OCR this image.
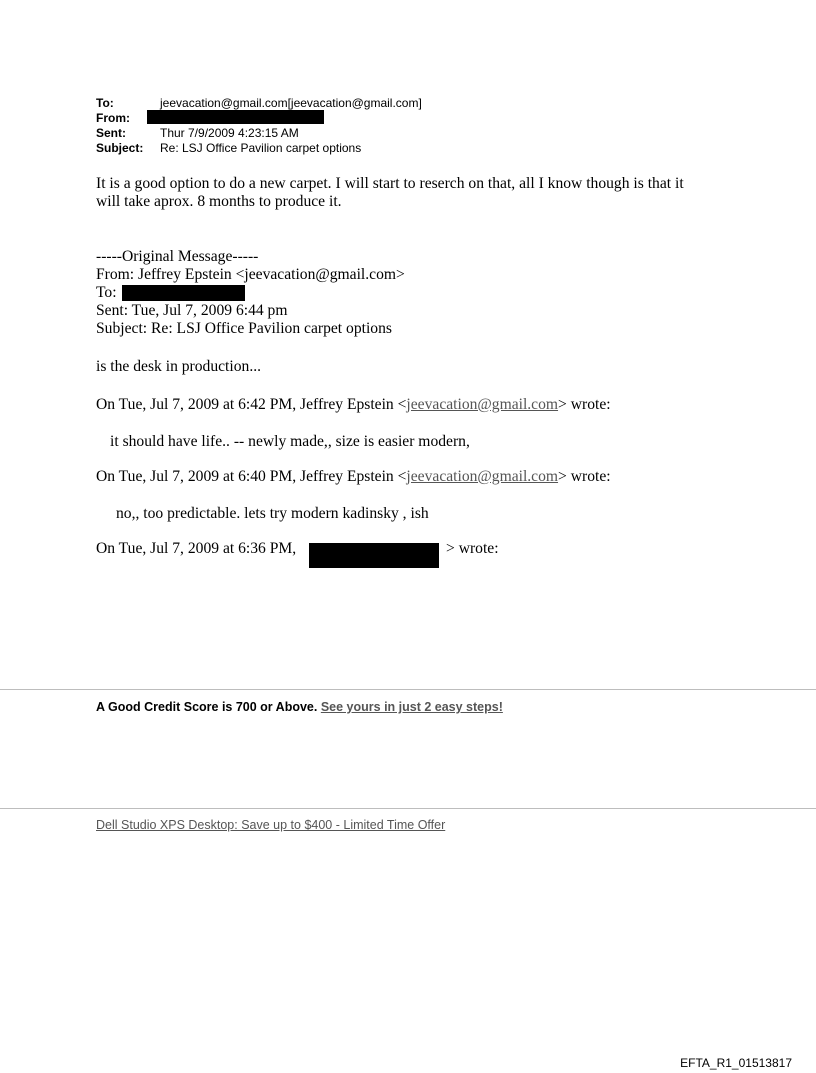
To:	jeevacation@gmail.com[jeevacation@gmail.com]
From:
Sent:	Thur 7/9/2009 4:23:15 AM
Subject: Re: LSJ Office Pavilion carpet options
It is a good option to do a new carpet. I will start to reserch on that, all I know though is that it
will take aprox. 8 months to produce it.
-----Original Message-----
From: Jeffrey Epstein <jeevacation@gmail.com>
To:
Sent: Tue, Jul 7, 2009 6:44 pm
Subject: Re: LSJ Office Pavilion carpet options
is the desk in production...
On Tue, Jul 7, 2009 at 6:42 PM, Jeffrey Epstein <jeevacation@gmail.com> wrote:
it should have life.. -- newly made,, size is easier modern,
On Tue, Jul 7, 2009 at 6:40 PM, Jeffrey Epstein <jeevacation@gmail.com> wrote:
no,, too predictable. lets try modern kadinsky , ish
On Tue, Jul 7, 2009 at 6:36 PM,	> wrote:
A Good Credit Score is 700 or Above. See yours in just 2 easy steps!
Dell Studio XPS Desktop: Save up to $400 - Limited Time Offer
EFTA_R1_01513817
